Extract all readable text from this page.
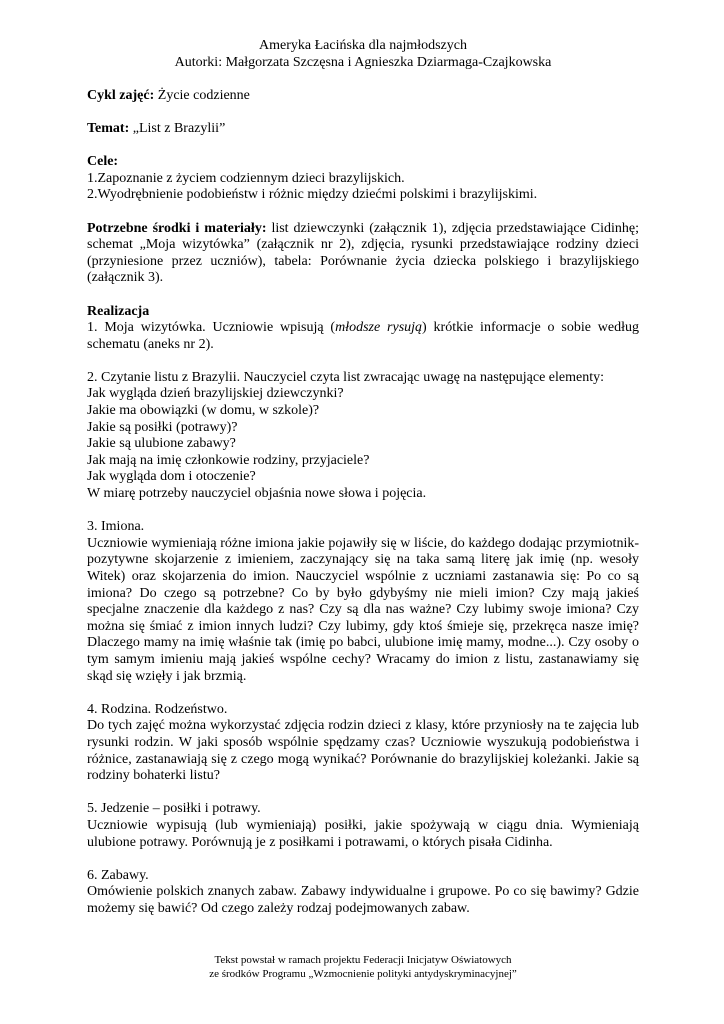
Ameryka Łacińska dla najmłodszych
Autorki: Małgorzata Szczęsna i Agnieszka Dziarmaga-Czajkowska

Cykl zajęć: Życie codzienne

Temat: „List z Brazylii”

Cele:

1.Zapoznanie z życiem codziennym dzieci brazylijskich.

2.Wyodrębnienie podobieństw i różnic między dziećmi polskimi i brazylijskimi.

Potrzebne środki i materiały: list dziewczynki (załącznik 1), zdjęcia przedstawiające Cidinhę; schemat „Moja wizytówka” (załącznik nr 2), zdjęcia, rysunki przedstawiające rodziny dzieci (przyniesione przez uczniów), tabela: Porównanie życia dziecka polskiego i brazylijskiego (załącznik 3).

Realizacja

1. Moja wizytówka. Uczniowie wpisują (młodsze rysują) krótkie informacje o sobie według schematu (aneks nr 2).

2. Czytanie listu z Brazylii. Nauczyciel czyta list zwracając uwagę na następujące elementy:

Jak wygląda dzień brazylijskiej dziewczynki?

Jakie ma obowiązki (w domu, w szkole)?

Jakie są posiłki (potrawy)?

Jakie są ulubione zabawy?

Jak mają na imię członkowie rodziny, przyjaciele?

Jak wygląda dom i otoczenie?

W miarę potrzeby nauczyciel objaśnia nowe słowa i pojęcia.

3. Imiona.

Uczniowie wymieniają różne imiona jakie pojawiły się w liście, do każdego dodając przymiotnik- pozytywne skojarzenie z imieniem, zaczynający się na taka samą literę jak imię (np. wesoły Witek) oraz skojarzenia do imion. Nauczyciel wspólnie z uczniami zastanawia się: Po co są imiona? Do czego są potrzebne? Co by było gdybyśmy nie mieli imion? Czy mają jakieś specjalne znaczenie dla każdego z nas? Czy są dla nas ważne? Czy lubimy swoje imiona? Czy można się śmiać z imion innych ludzi? Czy lubimy, gdy ktoś śmieje się, przekręca nasze imię? Dlaczego mamy na imię właśnie tak (imię po babci, ulubione imię mamy, modne...). Czy osoby o tym samym imieniu mają jakieś wspólne cechy? Wracamy do imion z listu, zastanawiamy się skąd się wzięły i jak brzmią.

4. Rodzina. Rodzeństwo.

Do tych zajęć można wykorzystać zdjęcia rodzin dzieci z klasy, które przyniosły na te zajęcia lub rysunki rodzin. W jaki sposób wspólnie spędzamy czas? Uczniowie wyszukują podobieństwa i różnice, zastanawiają się z czego mogą wynikać? Porównanie do brazylijskiej koleżanki. Jakie są rodziny bohaterki listu?

5. Jedzenie – posiłki i potrawy.

Uczniowie wypisują (lub wymieniają) posiłki, jakie spożywają w ciągu dnia. Wymieniają ulubione potrawy. Porównują je z posiłkami i potrawami, o których pisała Cidinha.

6. Zabawy.

Omówienie polskich znanych zabaw. Zabawy indywidualne i grupowe. Po co się bawimy? Gdzie możemy się bawić? Od czego zależy rodzaj podejmowanych zabaw.

Tekst powstał w ramach projektu Federacji Inicjatyw Oświatowych
ze środków Programu „Wzmocnienie polityki antydyskryminacyjnej”
